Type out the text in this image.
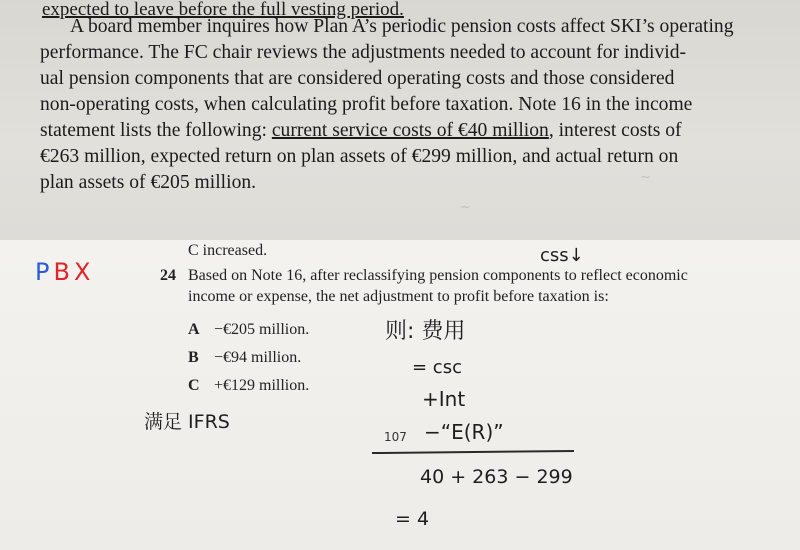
expected to leave before the full vesting period.

A board member inquires how Plan A’s periodic pension costs affect SKI’s operating

performance. The FC chair reviews the adjustments needed to account for individ-

ual pension components that are considered operating costs and those considered

non-operating costs, when calculating profit before taxation. Note 16 in the income

statement lists the following: current service costs of €40 million, interest costs of

€263 million, expected return on plan assets of €299 million, and actual return on

plan assets of €205 million.

~
~
C increased.
PBX	24 Based on Note 16, after reclassifying pension components to reflect economic
income or expense, the net adjustment to profit before taxation is:
A −€205 million.
B −€94 million.
C +€129 million.
css↓
则: 费用
= csc
+Int
107 −“E(R)”
满足 IFRS
40 + 263 − 299
= 4
